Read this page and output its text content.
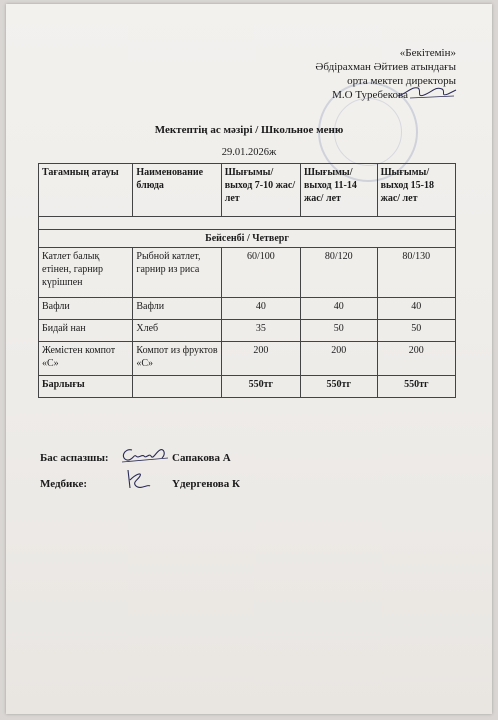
«Бекітемін»
Әбдірахман Әйтиев атындағы
орта мектеп директоры
М.О Туребекова
Мектептің ас мәзірі / Школьное меню
29.01.2026ж
Тағамның атауы	Наименование блюда	Шығымы/ выход 7-10 жас/ лет	Шығымы/ выход 11-14 жас/ лет	Шығымы/ выход 15-18 жас/ лет

Бейсенбі / Четверг				
Катлет балық етінен, гарнир күрішпен	Рыбной катлет, гарнир из риса	60/100	80/120	80/130
Вафли	Вафли	40	40	40
Бидай нан	Хлеб	35	50	50
Жемістен компот «С»	Компот из фруктов «С»	200	200	200
Барлығы		550тг	550тг	550тг
Бас аспазшы:	Сапакова А
Медбике:	Үдергенова К
